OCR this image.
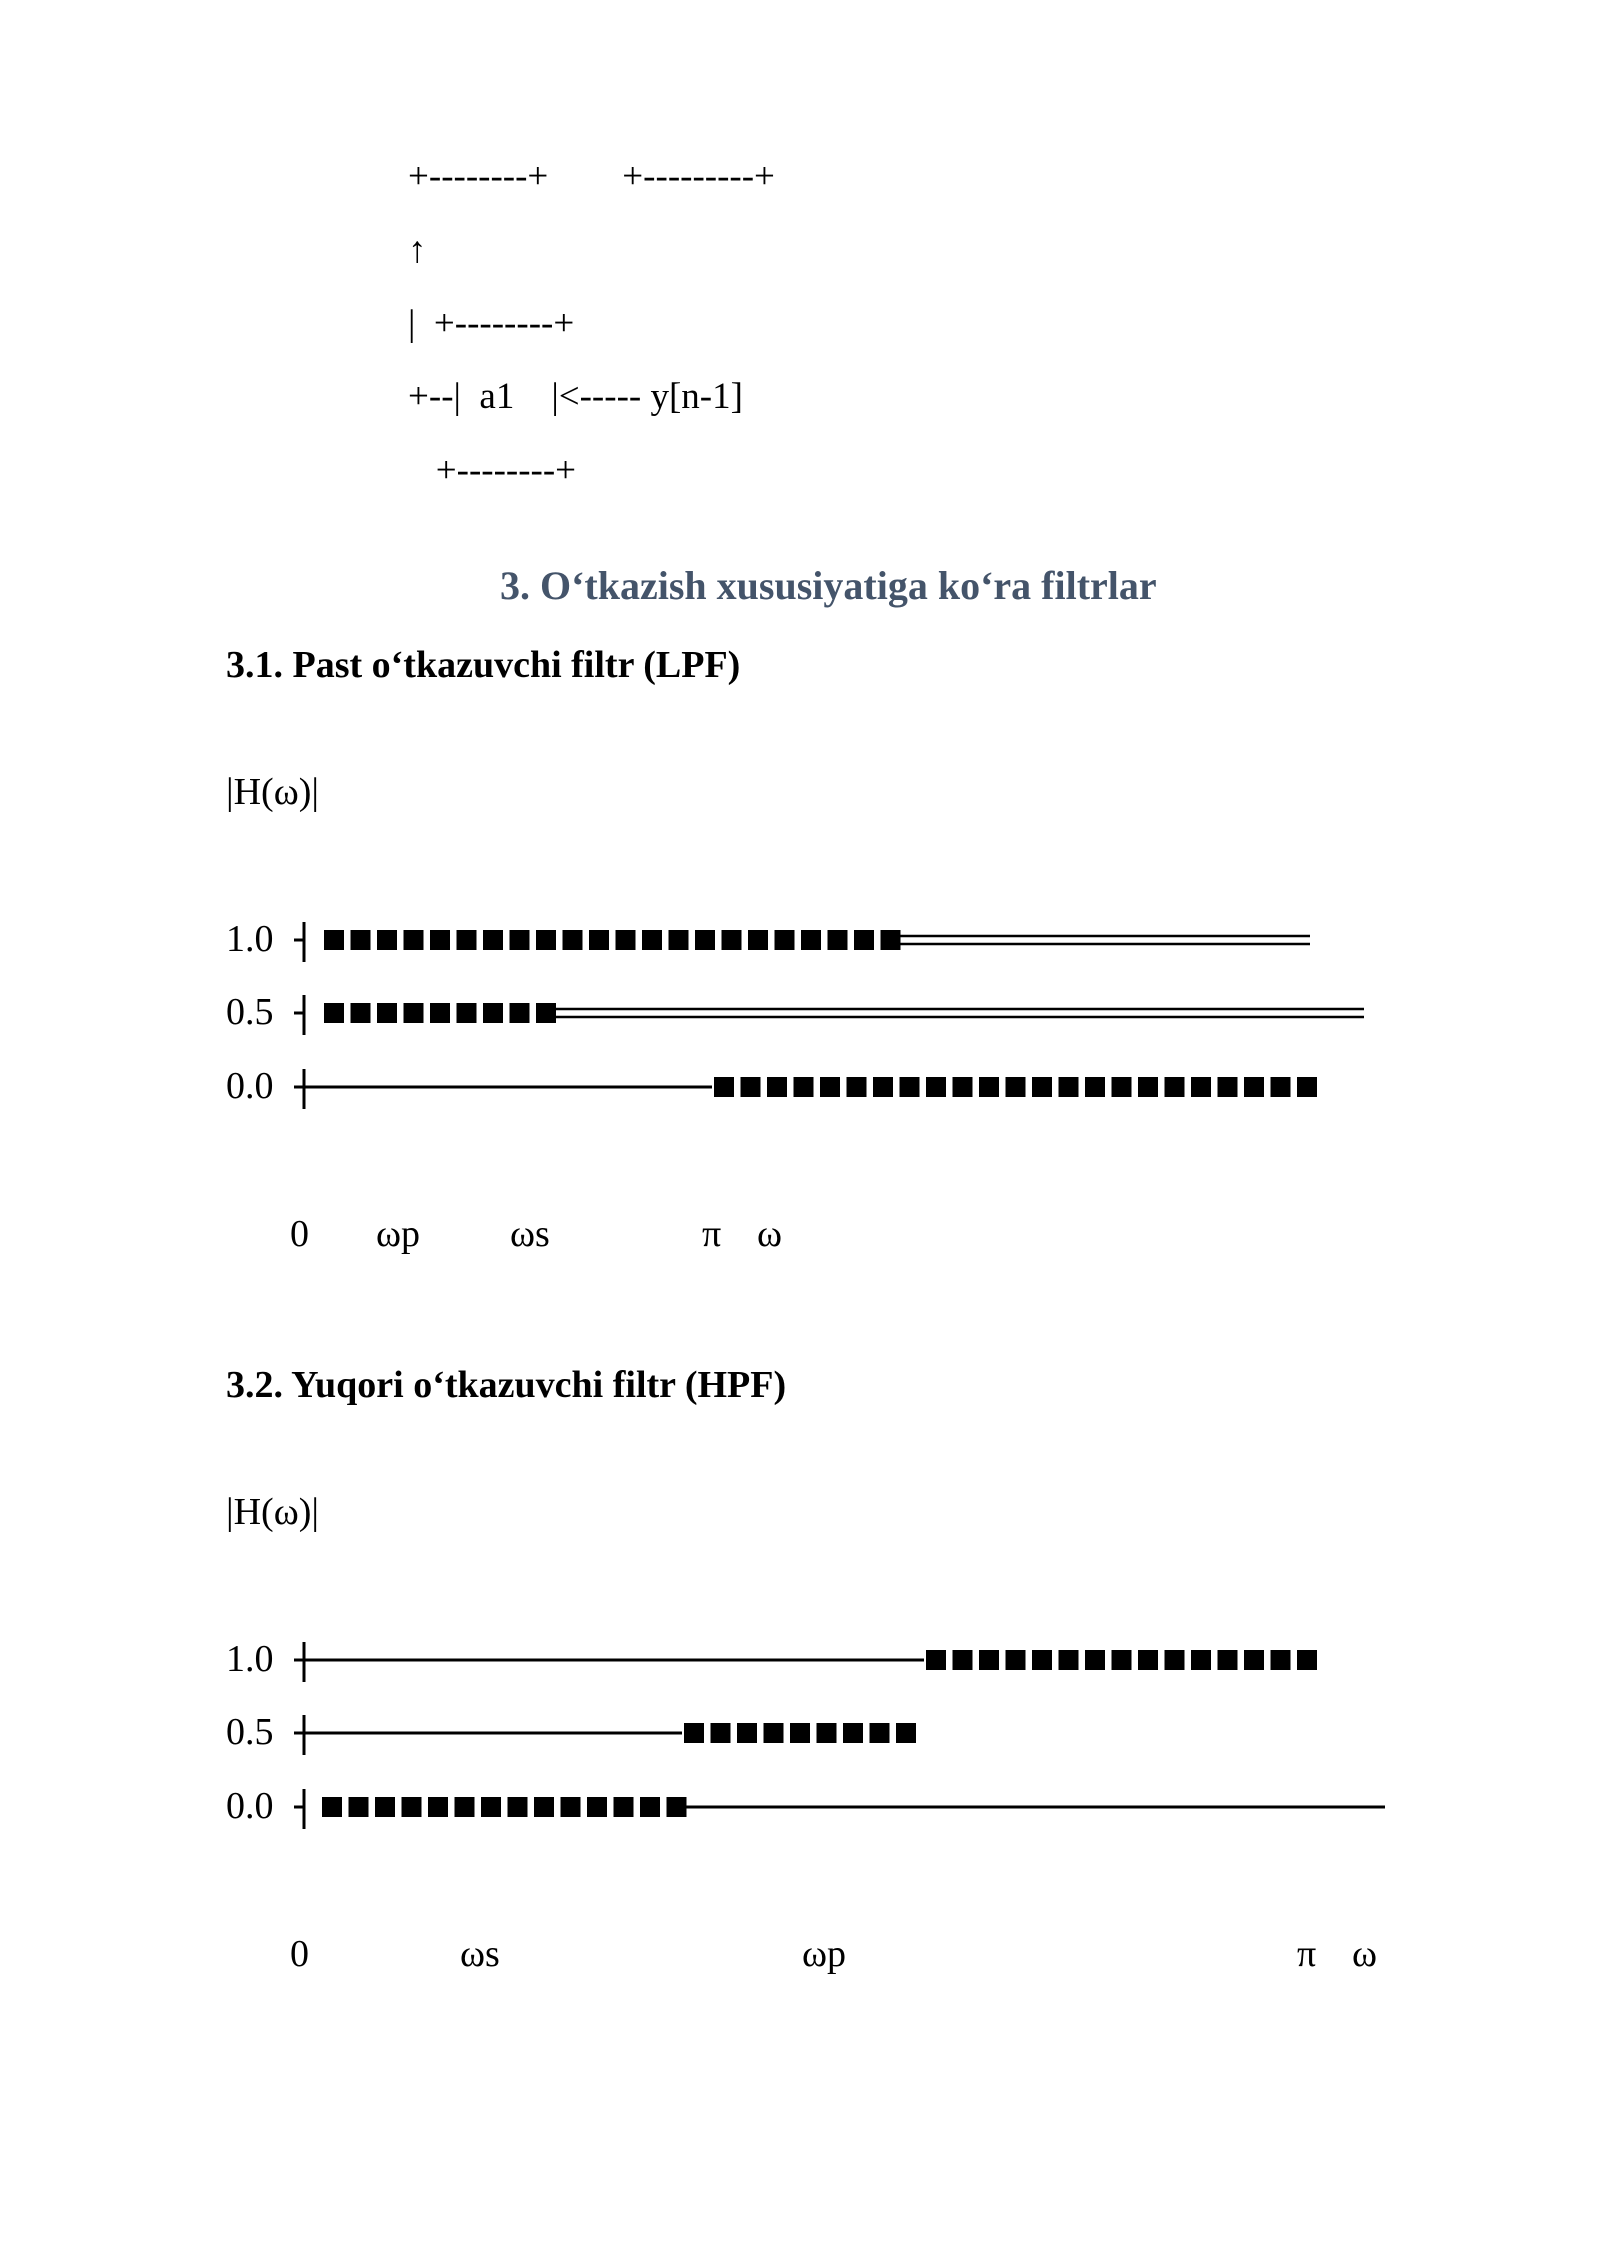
+--------+        +---------+
↑
|  +--------+
+--|  a1    |<----- y[n-1]
+--------+
3. O‘tkazish xususiyatiga ko‘ra filtrlar
3.1. Past o‘tkazuvchi filtr (LPF)
|H(ω)|
1.0
0.5
0.0
0 ωp ωs	π ω
3.2. Yuqori o‘tkazuvchi filtr (HPF)
|H(ω)|
1.0
0.5
0.0
0	ωs	ωp	π ω
